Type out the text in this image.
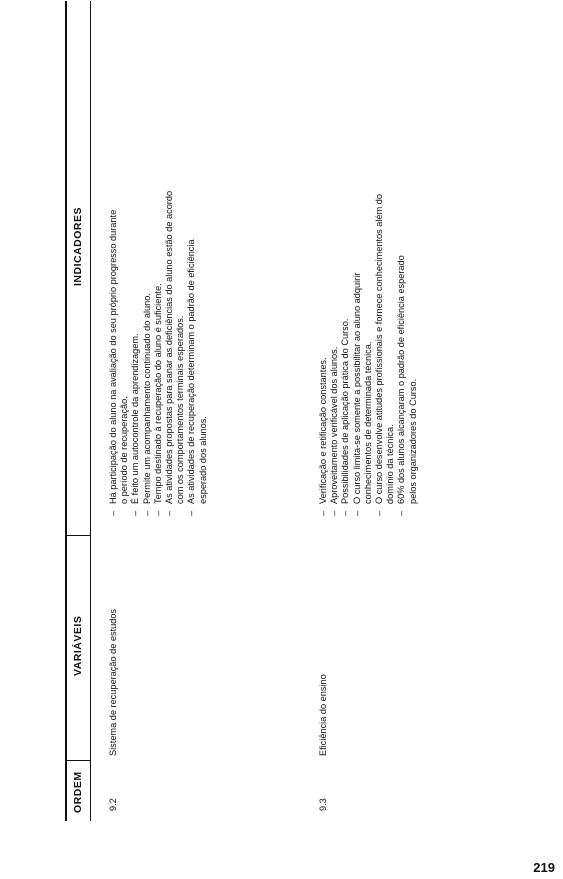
ORDEM
VARIÁVEIS
INDICADORES
9.2
Sistema de recuperação de estudos
– Há participação do aluno na avaliação do seu próprio progresso durante o período de recuperação. – É feito um autocontrole da aprendizagem. – Permite um acompanhamento continuado do aluno. – Tempo destinado à recuperação do aluno é suficiente. – As atividades propostas para sanar as deficiências do aluno estão de acordo com os comportamentos terminais esperados. – As atividades de recuperação determinam o padrão de eficiência esperado dos alunos.
9.3
Eficiência do ensino
– Verificação e retificação constantes. – Aproveitamento verificável dos alunos. – Possibilidades de aplicação prática do Curso. – O curso limita-se somente a possibilitar ao aluno adquirir conhecimentos de determinada técnica. – O curso desenvolve atitudes profissionais e fornece conhecimentos além do domínio da técnica. – 60% dos alunos alcançaram o padrão de eficiência esperado pelos organizadores do Curso.
219
